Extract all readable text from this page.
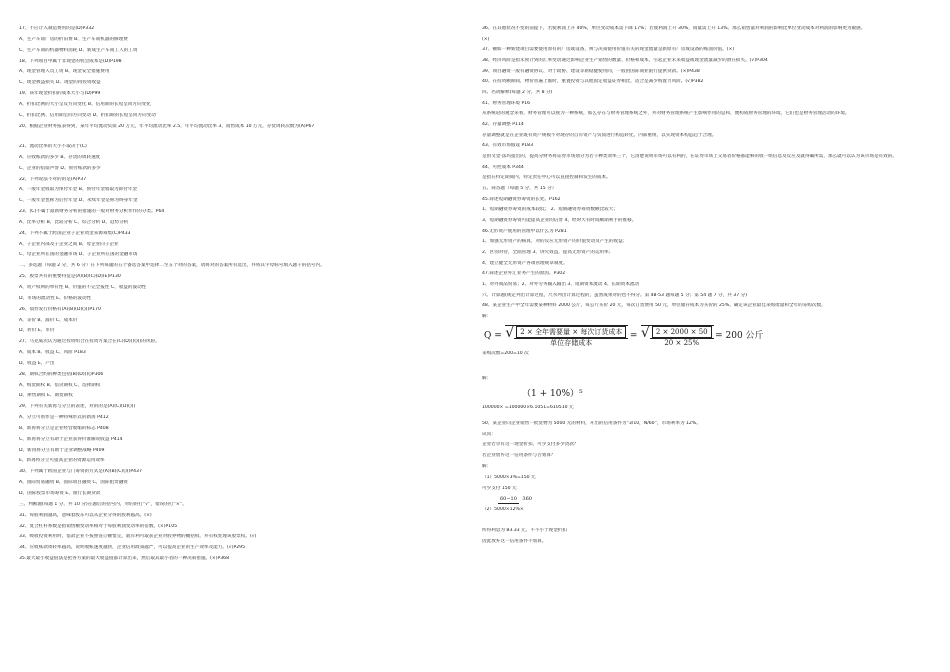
17、不应计入制造费用的是(D)P332

A、生产车间厂房的折旧费 B、生产车间机器的修理费

C、生产车间的机器物料消耗 D、新成生产车间工人的工资

18、下列项目中属于非现金的机会成本是(D)P198

A、现金管理人员工资 B、现金安全措施费用

C、现金被盗损失 D、现金的再投资收益

19、该年现金折扣的成本大小与(D)P99

A、折扣比例的大小呈反方向变化 B、信用期的长短呈同方向变化

C、折扣比例、信用期呈同方向变动 D、折扣期的长短呈同方向变动

20、根据企业财务报表得到，某年平均流动负债 20 万元，年平均流动比率 2.5，年平均流动比率 3，销售成本 10 万元，存货周转次数为(A)P67

21、流动比率的大小不取决于(C)

A、应收账款的多少 B、存货的周转速度

C、企业的借债声誉 D、预付账款的多少

22、下列说法不对的的是(A)P37

A、一般年金收取为预付年金 B、预付年金收取为即付年金

C、一般年金也称为后付年金 D、永续年金是称为终身年金

23、(C)不属于最新财务分析的措施的一般对财务分析作作的分类。P64

A、比率分析 B、比较分析 C、综合分析 D、趋势分析

24、下列不属于跨国企业子企业资金来源筹集(C)P433

A、子企业内部及子企业之间 B、母企业向子企业

C、母企业所在国的金融市场 D、子企业所在国的金融市场

二、多选题（每题 2 分，共 6 分）在下列每题的五个备选答案中选择二至五个对的答案，请将对的答案所有选出，并将其字母标号填入题干的括号内。

25、股票共有的重要特征是(A)(B)(C)(D)(E)P130

A、资产权利的单有性 B、价值的不完全报性 C、收益的波动性

D、市场的流动性 E、价格的波动性

26、债券发行价格有(A)(B)(D)()()P170

A、等价 B、溢价 C、成本价

D、折价 E、市价

27、马克威茨认为通过投资组合在投资方案合在(C)(D)()()()的风险。

A、成本 B、收益 C、风险 P183

D、收益 E、产出

28、期权合约的种类包括(B)(D)()()P306

A、购货期权 B、借贷期权 C、选择期权

D、律售期权 E、期货期权

29、下列有关新再与分立的表述，对的的是(A)(C)(D)()()

A、分立可看作是一种特殊形式的新再 P412

B、新再将分立是企业经营收缩的标志 P408

C、新再将分立有助于企业获得价准解说收益 P414

D、新再将分立有助于企业调整战略 P409

E、新再将分立可提高企业的资源运用效率

30、下列属于跨国企业与门筹资的方式是(A)(B)(C)()()P437

A、国际贸易融资 B、国际项目融资 C、国际租赁融资

D、国际股票市场筹资 E、银行长期贷款

三、判断题(每题 1 分，共 10 分)在题后的括号内，对的的打“√”，错误的打“×”。

31、每股利润越高，意味着股东可以从企业分得的股利越高。(×)

32、复合杠杆系数是指销售额变动率相对于每股利润变动率的倍数。(×)P105

33、吸收投资利用时，借款企业不按照签订额惜完，就有利可取获企业对股界物的概括权，并有权处理该股票权。(√)

34、应收账款周转率越高，说明收账速度越快，企业信用政策越严，可以提高企业的生产效率及能力。(√)P295

35.最大最小收益值法是把各方案的最大收益值都计算出来，然后取其最小者的一种决策措施。(×)P368

36、在其他状况不变的前提下，若使利润上升 40%，单位变动成本需下降 17%；若使利润上升 30%，销量需上升 13%。那么销售量对利润的影响比单位变动成本对利润的影响更为敏感。

(×)

37、额如一种新建项目需要使用原有的厂房或设备，则与决策使用价值有关的现金流量是新原有厂房或设备的账面价值。(×)

38、经济风险是指未预计到的汇率变动通过影响企业生产销售的数量、价格和成本，引起企业未来收益或现金流量减少的潜在损失。(√)P304

39、项目融资一般有融资协议、对于政协、建设等新稳健使用同，一般由国际商业银行提供贷款。(×)P438

40、在投资额期间，物价普遍上涨时，重置投资与其他固定收益证券相比，适合是减少购置力风险。(√)P382

四、名词解释(每题 2 分，共 8 分)

41、财务管理环境 P16

从系统论的观念来看，财务管理可以视为一种系统，那么存在与财务管理系统之外，并对财务管理系统产生影响作用的总和，便构成财务管理的环境，它们也是财务管理活动的环境。

42、存量调整 P114

存量调整就是在企业既有资产规模不对现存的自有资产与负债进行构造转化，内部重组，以实现资本构造趋于合理。

43、有效市场假设 P183

是由文金·法玛提出的，提高分财务将证券市场划分为若干种类效率三个，它清楚说明市场可以有利的，在证券市场上交易者价格都能够的收一组信息及反应及就得确所需，那么就可以认为该市场是有效的。

44、可控成本 P344

是指在特定期间内，特定责任中心可以直接控制和发生的成本。

五、简答题（每题 5 分，共 15 分）

45.简述短期融资券筹资的长处。P162

1、短期融资券筹资的成本较低； 2、短期融资券筹资数额比较大；

3、短期融资券筹资可能提高企业的信誉 4、经时大有时间顺期利手的推移。

46.无形资产使用的管理中以什么为 P281

1、加强无形资产的核算，对的反应无形资产的价值变动及产生的收益；

2、区别对待，全面管理 3、讲究效益，提高无形资产的运用率；

4、建立健全无形资产各项管理规章制度。

47.简述企业外汇业务产生的原因。P302

1、对外商品贸易；2、对外劳务输入输出 3、短期资本流动 4、长期资本流动

六、计算题(规定列出计算过程，尺水列出计算过程的，虽然成果对的也不得分。第 48-53 题每题 5 分；第 54 题 7 分，共 37 分)

48、某企业生产中全年需要某种材料 2000 公斤，每公斤买价 20 元，每次订货费用 50 元，单位储存成本为买价的 25%。确定该企业最佳采购批量和全年的采购次数。

解：

Q = √ $\frac{\text{2 × 全年需要量 × 每次订货成本}}{\text{单位存储成本}}$ = √ $\frac{2 \times 2000 \times 50}{20 \times 25\%} = 200$ 公斤

采购次数=200=10 次

解：

（1 + 10%）⁵
100000× =100000×6.1051=610510 元

50、某企业向企业销售一批货物为 5000 元的材料，开出的信用条件为“3/10，N/60”，市场利率为 12%。

试问：

企业若享有这一现金折扣，可少支付多少货款？

若企业放弃这一信用条件与否划算？

解：

（1）5000×3%=150 元

可少支付 150 元

60−10 360

（2）5000×12%×

所得利息为 83.33 元，不不小于现金折扣

因此放弃这一信用条件不划算。
